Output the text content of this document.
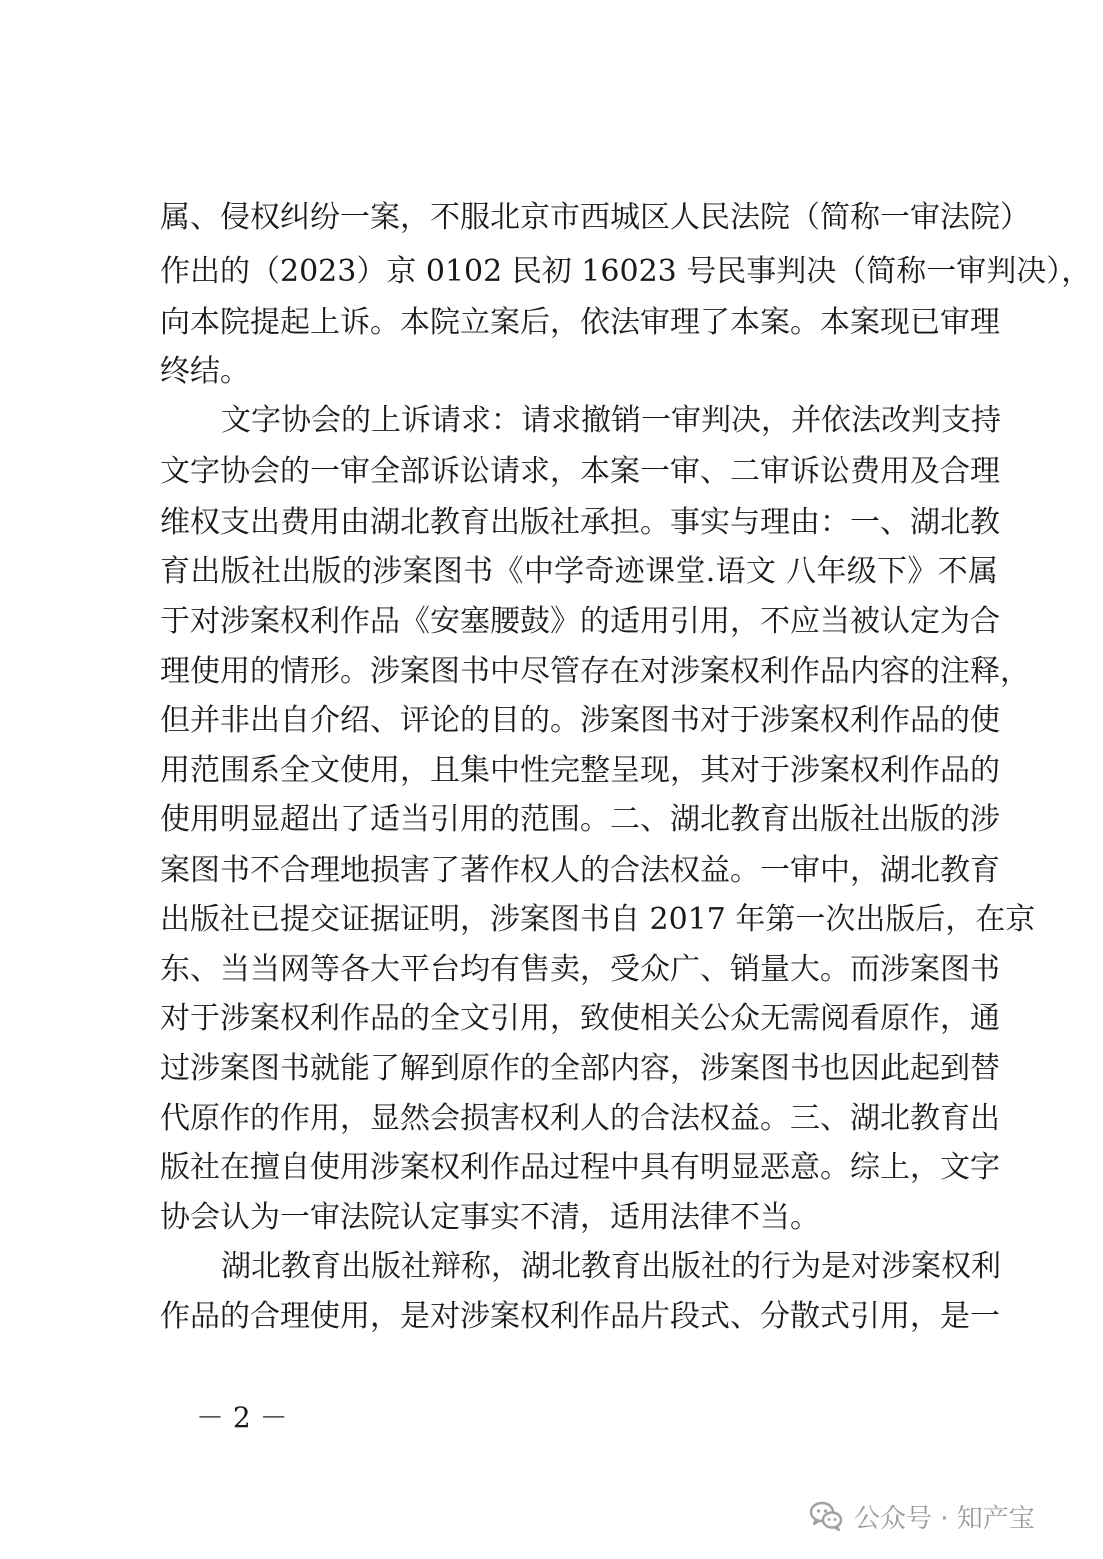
属、侵权纠纷一案，不服北京市西城区人民法院（简称一审法院）
作出的（2023）京 0102 民初 16023 号民事判决（简称一审判决），
向本院提起上诉。本院立案后，依法审理了本案。本案现已审理
终结。
文字协会的上诉请求：请求撤销一审判决，并依法改判支持
文字协会的一审全部诉讼请求，本案一审、二审诉讼费用及合理
维权支出费用由湖北教育出版社承担。事实与理由：一、湖北教
育出版社出版的涉案图书《中学奇迹课堂.语文 八年级下》不属
于对涉案权利作品《安塞腰鼓》的适用引用，不应当被认定为合
理使用的情形。涉案图书中尽管存在对涉案权利作品内容的注释，
但并非出自介绍、评论的目的。涉案图书对于涉案权利作品的使
用范围系全文使用，且集中性完整呈现，其对于涉案权利作品的
使用明显超出了适当引用的范围。二、湖北教育出版社出版的涉
案图书不合理地损害了著作权人的合法权益。一审中，湖北教育
出版社已提交证据证明，涉案图书自 2017 年第一次出版后，在京
东、当当网等各大平台均有售卖，受众广、销量大。而涉案图书
对于涉案权利作品的全文引用，致使相关公众无需阅看原作，通
过涉案图书就能了解到原作的全部内容，涉案图书也因此起到替
代原作的作用，显然会损害权利人的合法权益。三、湖北教育出
版社在擅自使用涉案权利作品过程中具有明显恶意。综上，文字
协会认为一审法院认定事实不清，适用法律不当。
湖北教育出版社辩称，湖北教育出版社的行为是对涉案权利
作品的合理使用，是对涉案权利作品片段式、分散式引用，是一
－ 2 －
公众号 · 知产宝
